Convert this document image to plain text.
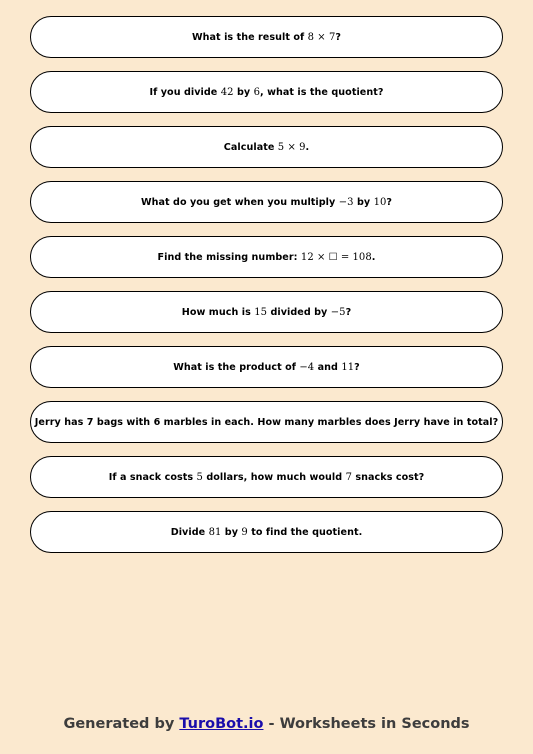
What is the result of 8 × 7?
If you divide 42 by 6, what is the quotient?
Calculate 5 × 9.
What do you get when you multiply −3 by 10?
Find the missing number: 12 × ☐ = 108.
How much is 15 divided by −5?
What is the product of −4 and 11?
Jerry has 7 bags with 6 marbles in each. How many marbles does Jerry have in total?
If a snack costs 5 dollars, how much would 7 snacks cost?
Divide 81 by 9 to find the quotient.
Generated by TuroBot.io - Worksheets in Seconds
